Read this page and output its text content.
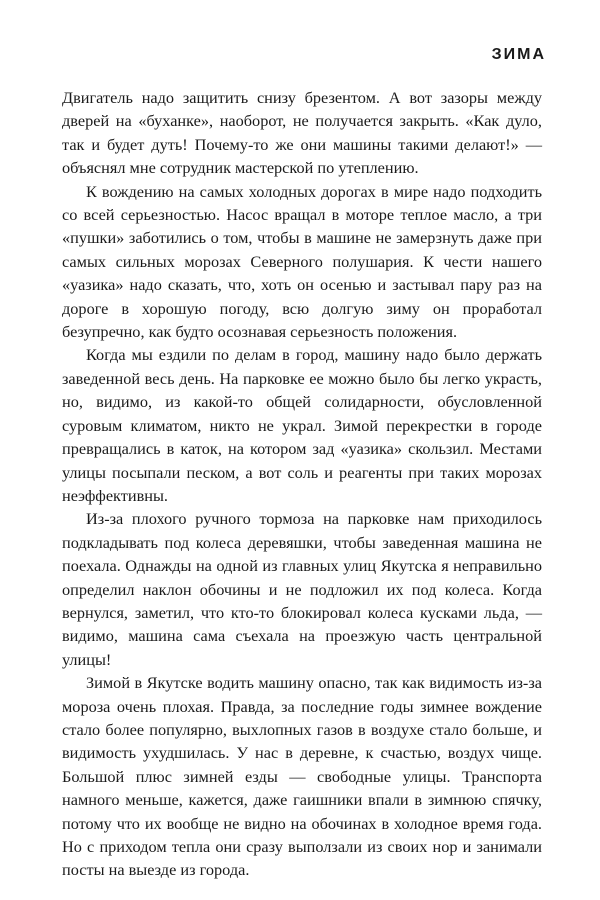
ЗИМА

Двигатель надо защитить снизу брезентом. А вот зазоры между дверей на «буханке», наоборот, не получается закрыть. «Как дуло, так и будет дуть! Почему-то же они машины такими делают!» — объяснял мне сотрудник мастерской по утеплению.

К вождению на самых холодных дорогах в мире надо подходить со всей серьезностью. Насос вращал в моторе теплое масло, а три «пушки» заботились о том, чтобы в машине не замерзнуть даже при самых сильных морозах Северного полушария. К чести нашего «уазика» надо сказать, что, хоть он осенью и застывал пару раз на дороге в хорошую погоду, всю долгую зиму он проработал безупречно, как будто осознавая серьезность положения.

Когда мы ездили по делам в город, машину надо было держать заведенной весь день. На парковке ее можно было бы легко украсть, но, видимо, из какой-то общей солидарности, обусловленной суровым климатом, никто не украл. Зимой перекрестки в городе превращались в каток, на котором зад «уазика» скользил. Местами улицы посыпали песком, а вот соль и реагенты при таких морозах неэффективны.

Из-за плохого ручного тормоза на парковке нам приходилось подкладывать под колеса деревяшки, чтобы заведенная машина не поехала. Однажды на одной из главных улиц Якутска я неправильно определил наклон обочины и не подложил их под колеса. Когда вернулся, заметил, что кто-то блокировал колеса кусками льда, — видимо, машина сама съехала на проезжую часть центральной улицы!

Зимой в Якутске водить машину опасно, так как видимость из-за мороза очень плохая. Правда, за последние годы зимнее вождение стало более популярно, выхлопных газов в воздухе стало больше, и видимость ухудшилась. У нас в деревне, к счастью, воздух чище. Большой плюс зимней езды — свободные улицы. Транспорта намного меньше, кажется, даже гаишники впали в зимнюю спячку, потому что их вообще не видно на обочинах в холодное время года. Но с приходом тепла они сразу выползали из своих нор и занимали посты на выезде из города.
